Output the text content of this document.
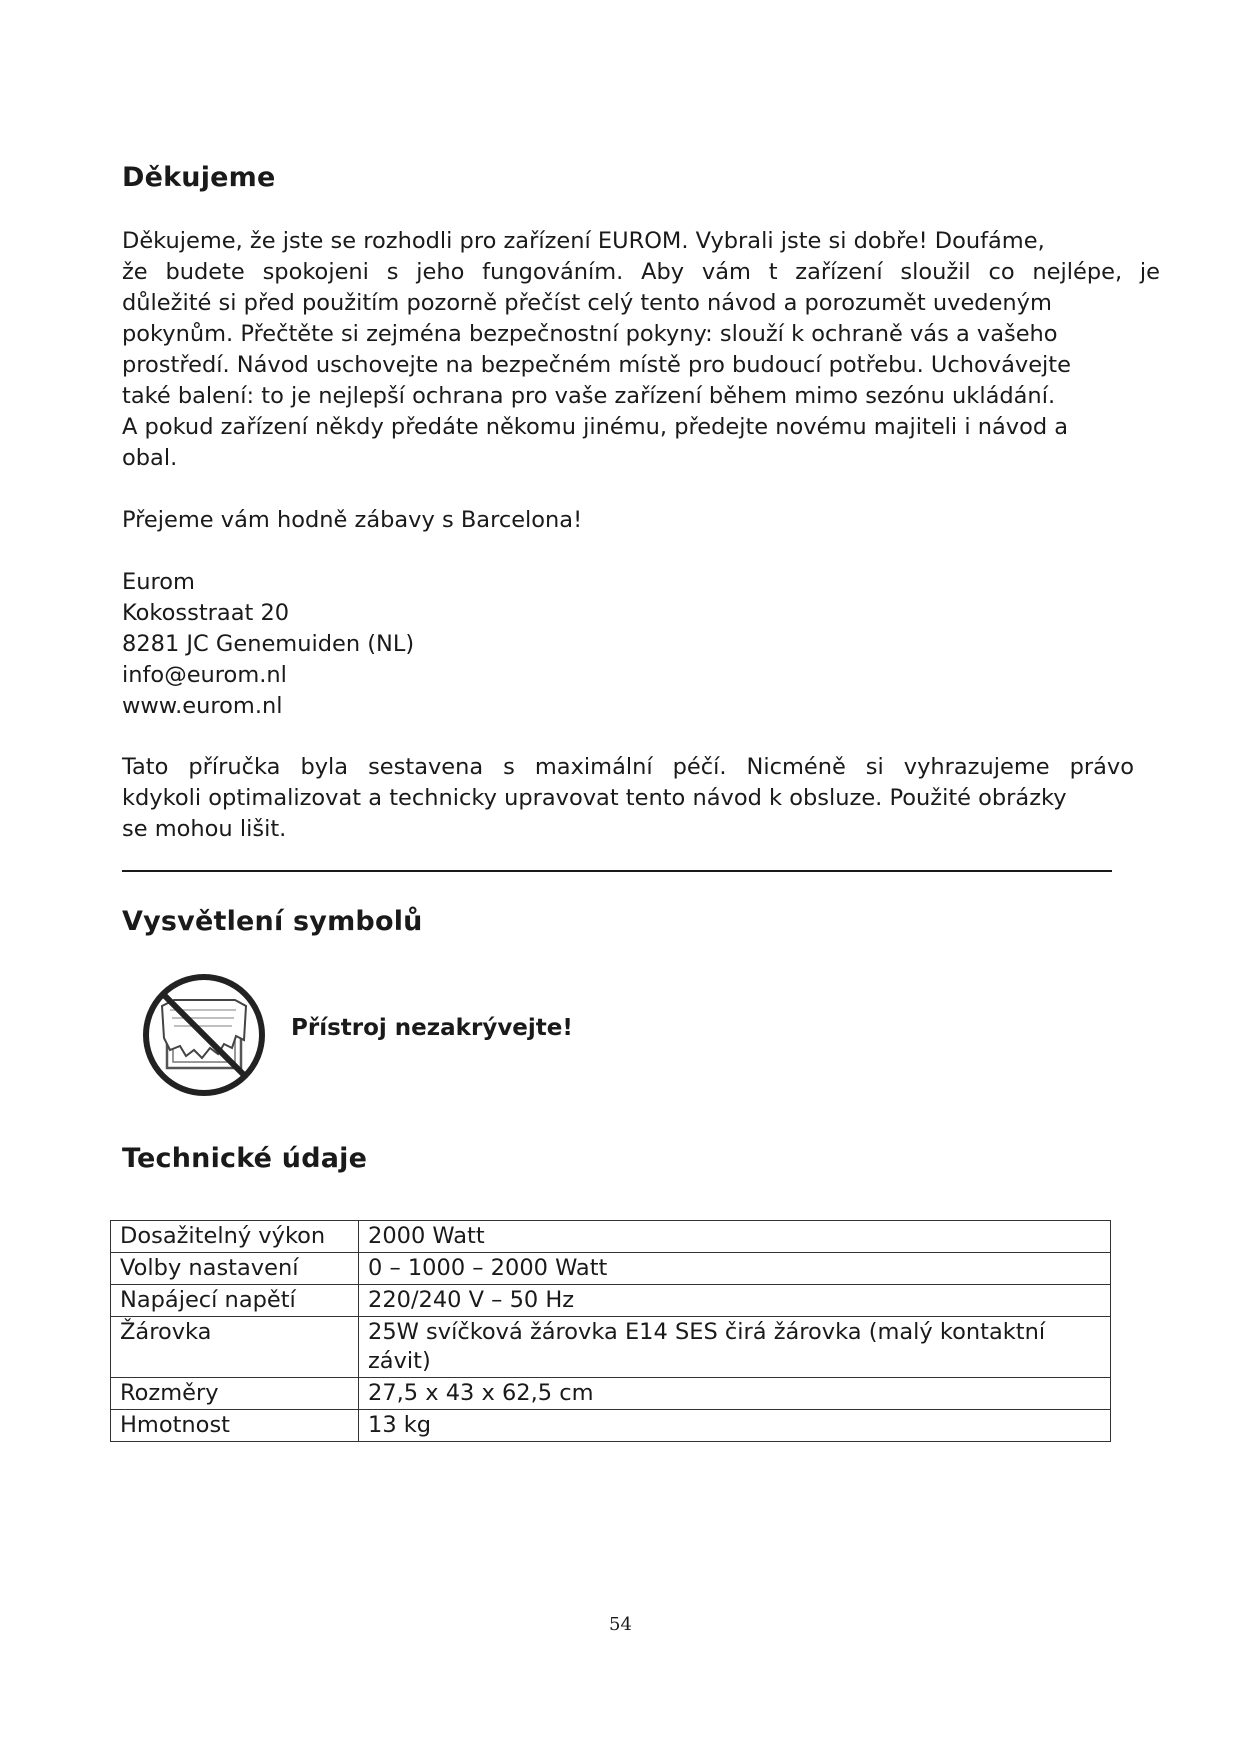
Děkujeme
Děkujeme, že jste se rozhodli pro zařízení EUROM. Vybrali jste si dobře! Doufáme,
že budete spokojeni s jeho fungováním. Aby vám t zařízení sloužil co nejlépe, je
důležité si před použitím pozorně přečíst celý tento návod a porozumět uvedeným
pokynům. Přečtěte si zejména bezpečnostní pokyny: slouží k ochraně vás a vašeho
prostředí. Návod uschovejte na bezpečném místě pro budoucí potřebu. Uchovávejte
také balení: to je nejlepší ochrana pro vaše zařízení během mimo sezónu ukládání.
A pokud zařízení někdy předáte někomu jinému, předejte novému majiteli i návod a
obal.

Přejeme vám hodně zábavy s Barcelona!

Eurom
Kokosstraat 20
8281 JC Genemuiden (NL)
info@eurom.nl
www.eurom.nl
Tato příručka byla sestavena s maximální péčí. Nicméně si vyhrazujeme právo
kdykoli optimalizovat a technicky upravovat tento návod k obsluze. Použité obrázky
se mohou lišit.
Vysvětlení symbolů
Přístroj nezakrývejte!
Technické údaje
Dosažitelný výkon	2000 Watt
Volby nastavení	0 – 1000 – 2000 Watt
Napájecí napětí	220/240 V – 50 Hz
Žárovka	25W svíčková žárovka E14 SES čirá žárovka (malý kontaktní závit)
Rozměry	27,5 x 43 x 62,5 cm
Hmotnost	13 kg
54
